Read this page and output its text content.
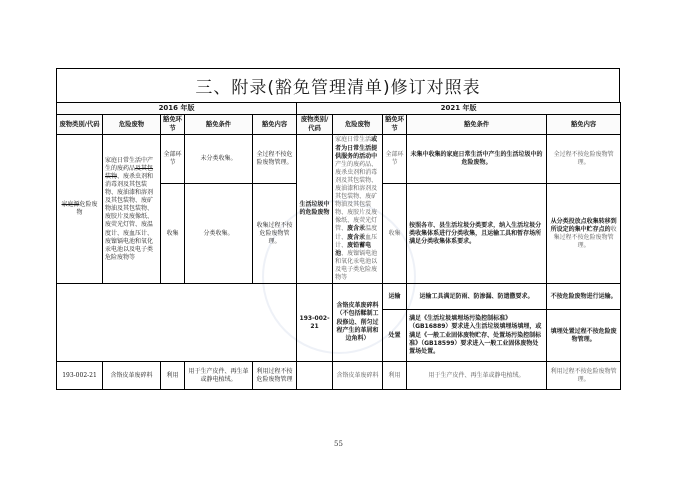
三、附录(豁免管理清单)修订对照表
2016 年版					2021 年版				
废物类别/代码	危险废物	豁免环节	豁免条件	豁免内容	废物类别/代码	危险废物	豁免环节	豁免条件	豁免内容
家庭源危险废物	家庭日常生活中产生的废药品及其包装物、废杀虫剂和消毒剂及其包装物、废油漆和溶剂及其包装物、废矿物油及其包装物、废胶片及废像纸、废荧光灯管、废温度计、废血压计、废镍镉电池和氧化汞电池以及电子类危险废物等	全部环节	未分类收集。	全过程不按危险废物管理。	生活垃圾中的危险废物	家庭日常生活或者为日常生活提供服务的活动中产生的废药品、废杀虫剂和消毒剂及其包装物、废油漆和溶剂及其包装物、废矿物油及其包装物、废胶片及废像纸、废荧光灯管、废含汞温度计、废含汞血压计、废铅蓄电池、废镍镉电池和氧化汞电池以及电子类危险废物等	全部环节	未集中收集的家庭日常生活中产生的生活垃圾中的危险废物。	全过程不按危险废物管理。
		收集	分类收集。	收集过程不按危险废物管理。			收集	按照各市、县生活垃圾分类要求，纳入生活垃圾分类收集体系进行分类收集，且运输工具和暂存场所满足分类收集体系要求。	从分类投放点收集转移到所设定的集中贮存点的收集过程不按危险废物管理。
					193-002-21	含铬皮革废碎料（不包括鞣制工段修边、削匀过程产生的革屑和边角料）	运输	运输工具满足防雨、防渗漏、防遗撒要求。	不按危险废物进行运输。
							处置	满足《生活垃圾填埋场污染控制标准》（GB16889）要求进入生活垃圾填埋场填埋，或满足《一般工业固体废物贮存、处置场污染控制标准》（GB18599）要求进入一般工业固体废物处置场处置。	填埋处置过程不按危险废物管理。
193-002-21	含铬皮革废碎料	利用	用于生产皮件、再生革或静电植绒。	利用过程不按危险废物管理		含铬皮革废碎料	利用	用于生产皮件、再生革或静电植绒。	利用过程不按危险废物管理。
55
